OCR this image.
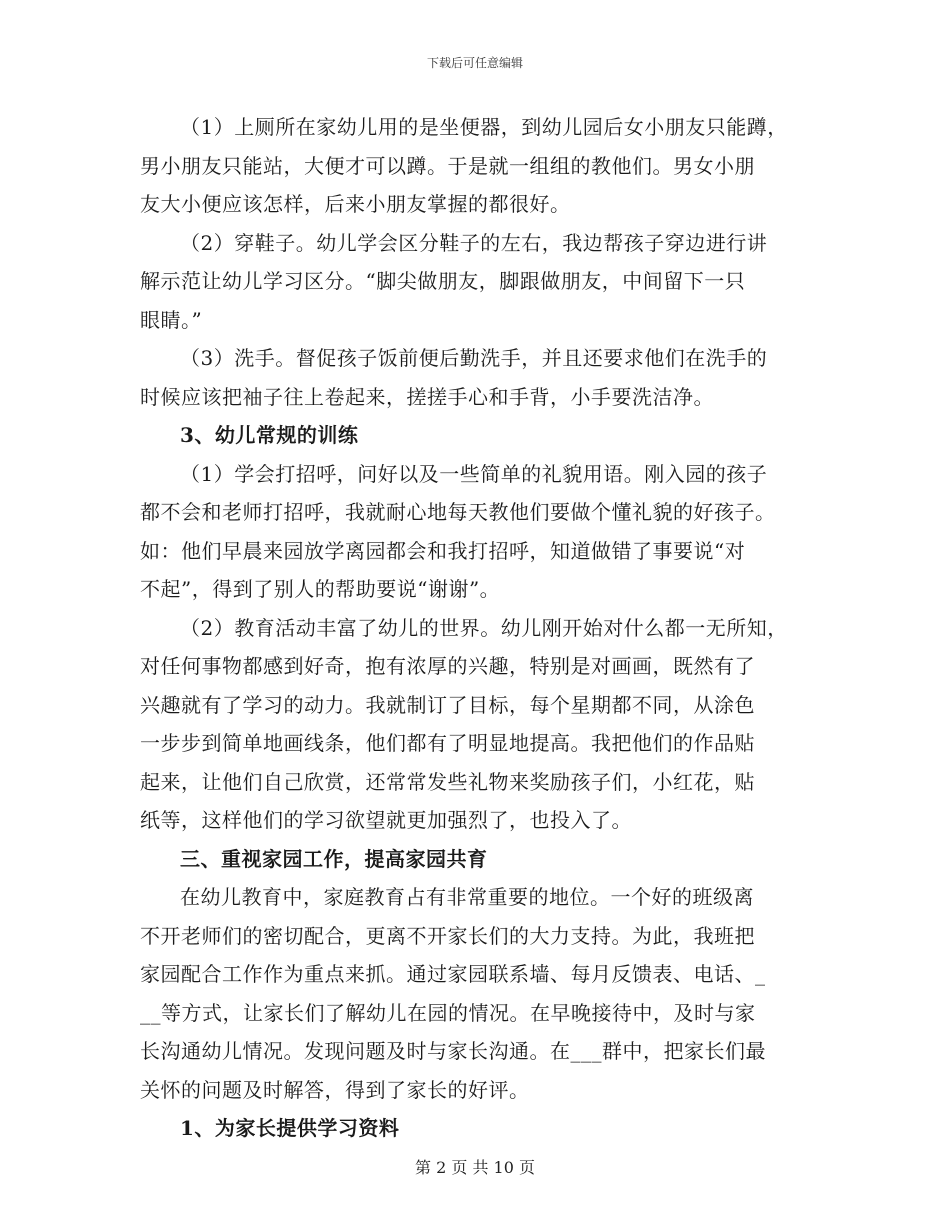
下载后可任意编辑
（1）上厕所在家幼儿用的是坐便器，到幼儿园后女小朋友只能蹲，
男小朋友只能站，大便才可以蹲。于是就一组组的教他们。男女小朋
友大小便应该怎样，后来小朋友掌握的都很好。
（2）穿鞋子。幼儿学会区分鞋子的左右，我边帮孩子穿边进行讲
解示范让幼儿学习区分。“脚尖做朋友，脚跟做朋友，中间留下一只
眼睛。”
（3）洗手。督促孩子饭前便后勤洗手，并且还要求他们在洗手的
时候应该把袖子往上卷起来，搓搓手心和手背，小手要洗洁净。
3、幼儿常规的训练
（1）学会打招呼，问好以及一些简单的礼貌用语。刚入园的孩子
都不会和老师打招呼，我就耐心地每天教他们要做个懂礼貌的好孩子。
如：他们早晨来园放学离园都会和我打招呼，知道做错了事要说“对
不起”，得到了别人的帮助要说“谢谢”。
（2）教育活动丰富了幼儿的世界。幼儿刚开始对什么都一无所知，
对任何事物都感到好奇，抱有浓厚的兴趣，特别是对画画，既然有了
兴趣就有了学习的动力。我就制订了目标，每个星期都不同，从涂色
一步步到简单地画线条，他们都有了明显地提高。我把他们的作品贴
起来，让他们自己欣赏，还常常发些礼物来奖励孩子们，小红花，贴
纸等，这样他们的学习欲望就更加强烈了，也投入了。
三、重视家园工作，提高家园共育
在幼儿教育中，家庭教育占有非常重要的地位。一个好的班级离
不开老师们的密切配合，更离不开家长们的大力支持。为此，我班把
家园配合工作作为重点来抓。通过家园联系墙、每月反馈表、电话、_
__等方式，让家长们了解幼儿在园的情况。在早晚接待中，及时与家
长沟通幼儿情况。发现问题及时与家长沟通。在___群中，把家长们最
关怀的问题及时解答，得到了家长的好评。
1、为家长提供学习资料
第 2 页 共 10 页
